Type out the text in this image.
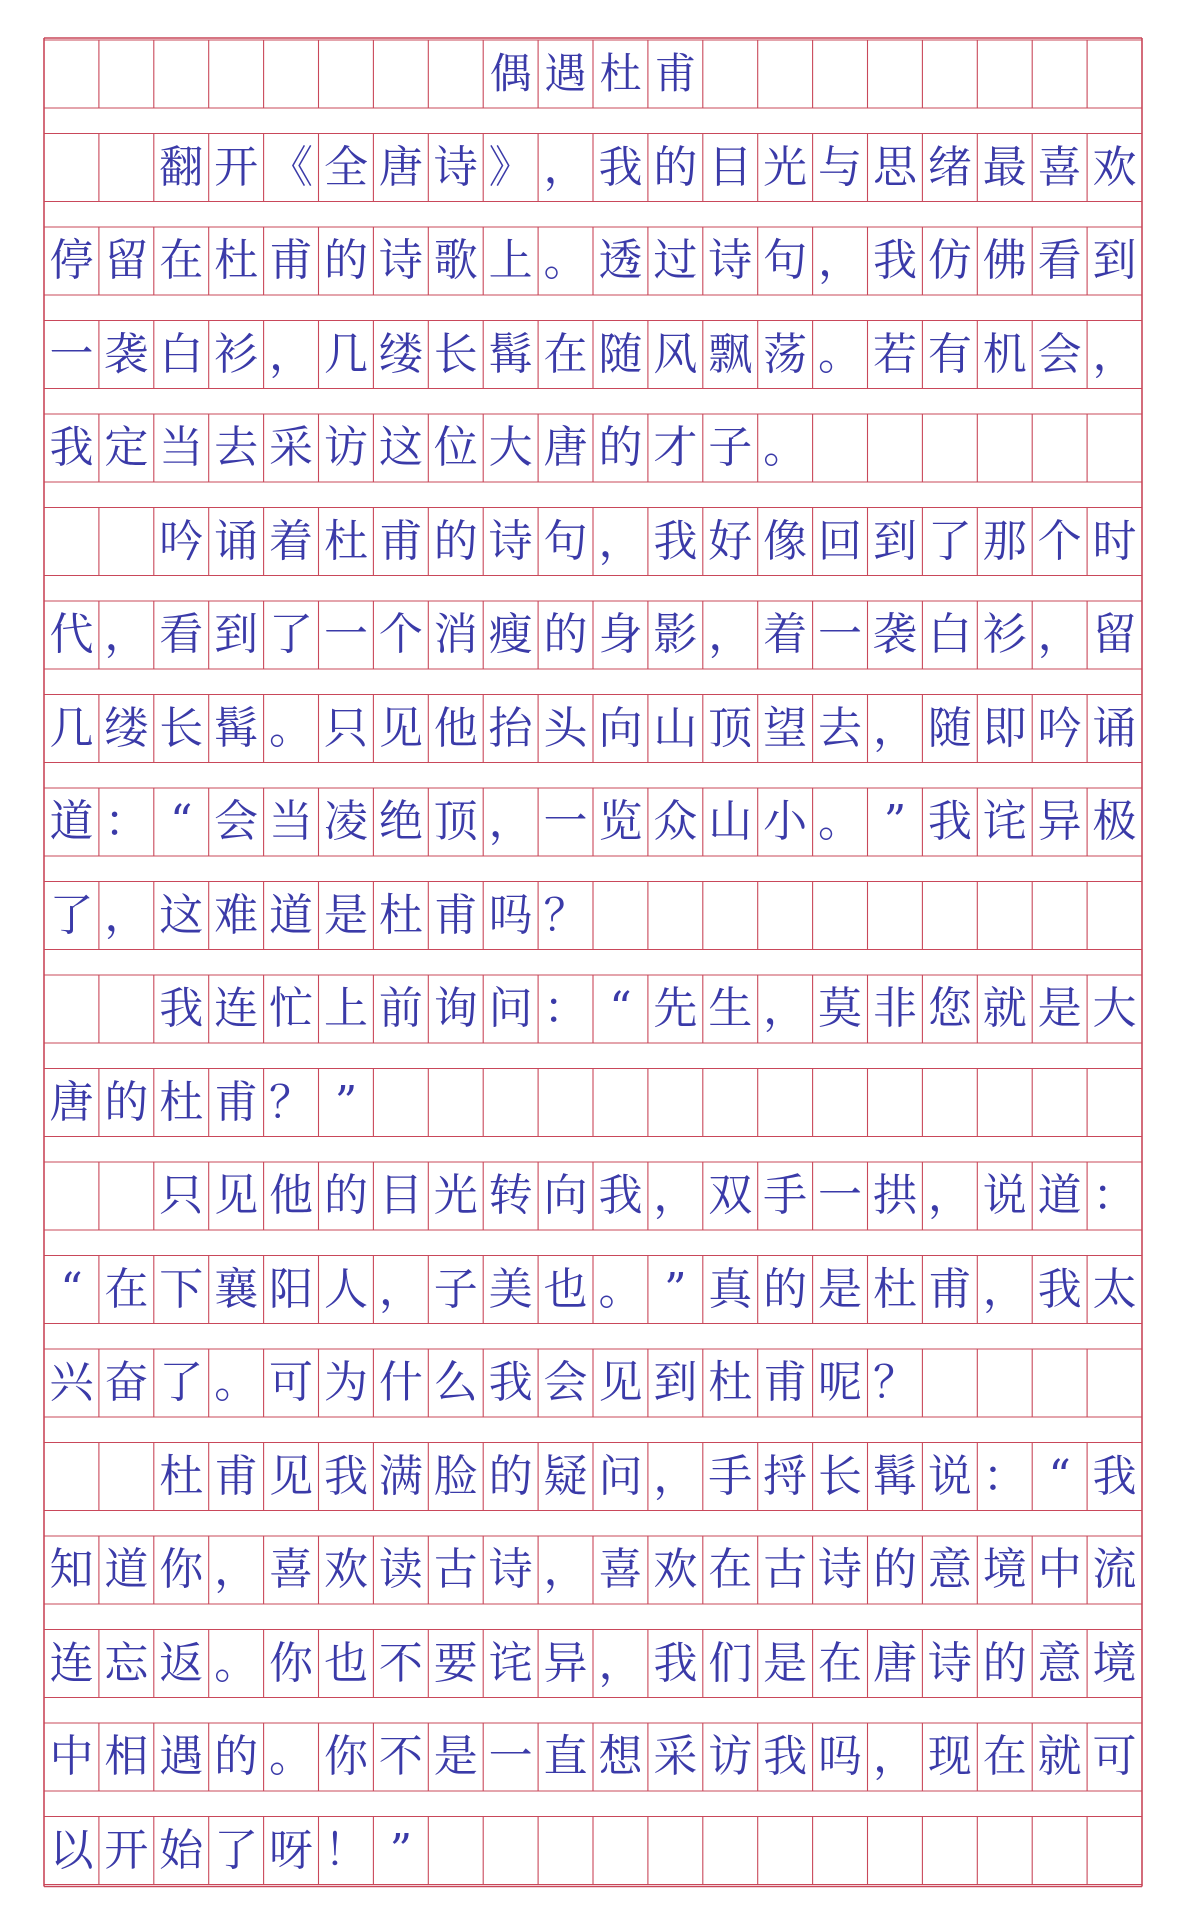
偶 遇 杜 甫
翻 开 《 全 唐 诗 》 ， 我 的 目 光 与 思 绪 最 喜 欢
停 留 在 杜 甫 的 诗 歌 上 。 透 过 诗 句 ， 我 仿 佛 看 到
一 袭 白 衫 ， 几 缕 长 髯 在 随 风 飘 荡 。 若 有 机 会 ，
我 定 当 去 采 访 这 位 大 唐 的 才 子 。
吟 诵 着 杜 甫 的 诗 句 ， 我 好 像 回 到 了 那 个 时
代 ， 看 到 了 一 个 消 瘦 的 身 影 ， 着 一 袭 白 衫 ， 留
几 缕 长 髯 。 只 见 他 抬 头 向 山 顶 望 去 ， 随 即 吟 诵
道 ： “ 会 当 凌 绝 顶 ， 一 览 众 山 小 。 ” 我 诧 异 极
了 ， 这 难 道 是 杜 甫 吗 ？
我 连 忙 上 前 询 问 ： “ 先 生 ， 莫 非 您 就 是 大
唐 的 杜 甫 ？ ”
只 见 他 的 目 光 转 向 我 ， 双 手 一 拱 ， 说 道 ：
“ 在 下 襄 阳 人 ， 子 美 也 。 ” 真 的 是 杜 甫 ， 我 太
兴 奋 了 。 可 为 什 么 我 会 见 到 杜 甫 呢 ？
杜 甫 见 我 满 脸 的 疑 问 ， 手 捋 长 髯 说 ： “ 我
知 道 你 ， 喜 欢 读 古 诗 ， 喜 欢 在 古 诗 的 意 境 中 流
连 忘 返 。 你 也 不 要 诧 异 ， 我 们 是 在 唐 诗 的 意 境
中 相 遇 的 。 你 不 是 一 直 想 采 访 我 吗 ， 现 在 就 可
以 开 始 了 呀 ！ ”
